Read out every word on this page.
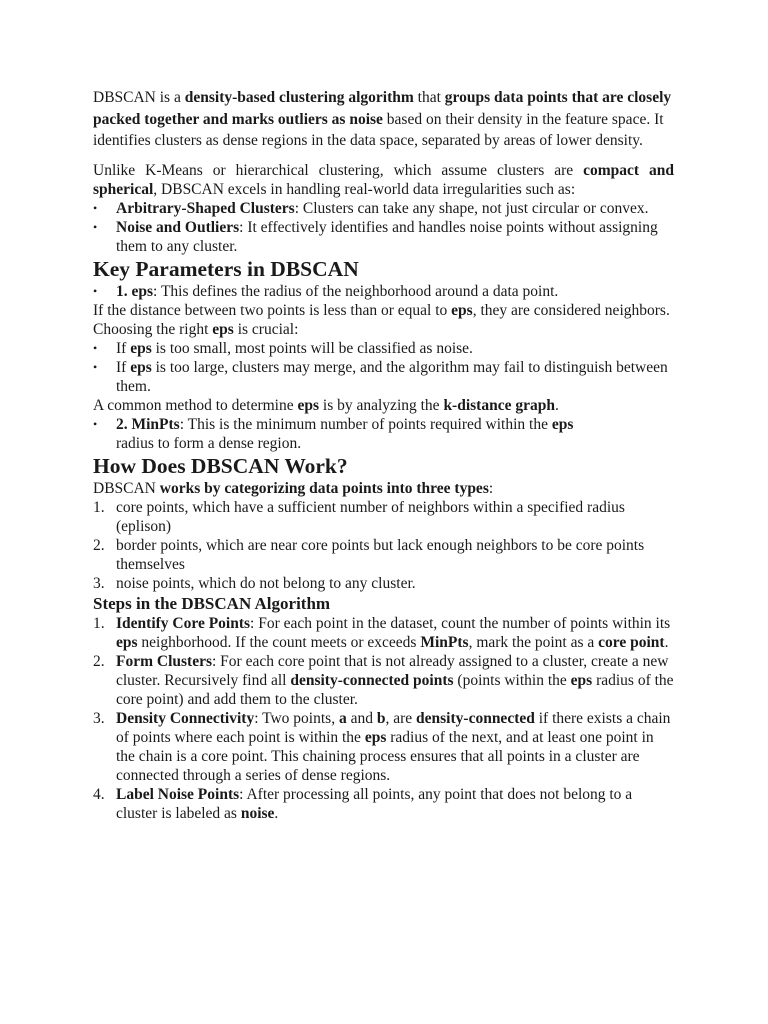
DBSCAN is a density-based clustering algorithm that groups data points that are closely packed together and marks outliers as noise based on their density in the feature space. It identifies clusters as dense regions in the data space, separated by areas of lower density.

Unlike K-Means or hierarchical clustering, which assume clusters are compact and spherical, DBSCAN excels in handling real-world data irregularities such as:

• Arbitrary-Shaped Clusters: Clusters can take any shape, not just circular or convex.
• Noise and Outliers: It effectively identifies and handles noise points without assigning them to any cluster.
Key Parameters in DBSCAN
• 1. eps: This defines the radius of the neighborhood around a data point.

If the distance between two points is less than or equal to eps, they are considered neighbors. Choosing the right eps is crucial:

• If eps is too small, most points will be classified as noise.
• If eps is too large, clusters may merge, and the algorithm may fail to distinguish between them.

A common method to determine eps is by analyzing the k-distance graph.

• 2. MinPts: This is the minimum number of points required within the eps radius to form a dense region.
How Does DBSCAN Work?

DBSCAN works by categorizing data points into three types:

1. core points, which have a sufficient number of neighbors within a specified radius (eplison)
2. border points, which are near core points but lack enough neighbors to be core points themselves
3. noise points, which do not belong to any cluster.
Steps in the DBSCAN Algorithm
1. Identify Core Points: For each point in the dataset, count the number of points within its eps neighborhood. If the count meets or exceeds MinPts, mark the point as a core point.
2. Form Clusters: For each core point that is not already assigned to a cluster, create a new cluster. Recursively find all density-connected points (points within the eps radius of the core point) and add them to the cluster.
3. Density Connectivity: Two points, a and b, are density-connected if there exists a chain of points where each point is within the eps radius of the next, and at least one point in the chain is a core point. This chaining process ensures that all points in a cluster are connected through a series of dense regions.
4. Label Noise Points: After processing all points, any point that does not belong to a cluster is labeled as noise.
